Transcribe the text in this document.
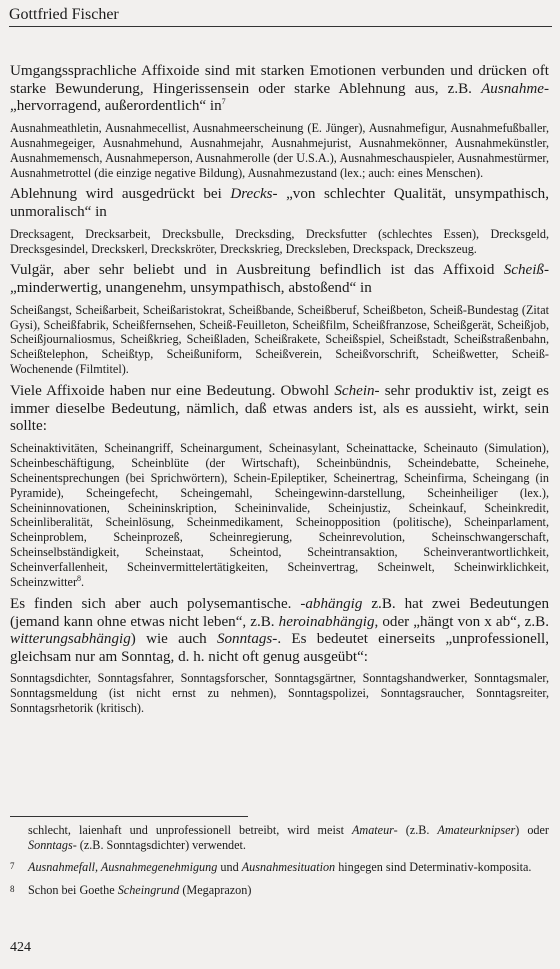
Gottfried Fischer

Umgangssprachliche Affixoide sind mit starken Emotionen verbunden und drücken oft starke Bewunderung, Hingerissensein oder starke Ablehnung aus, z.B. Ausnahme- „hervorragend, außerordentlich“ $in^7$

Ausnahmeathletin, Ausnahmecellist, Ausnahmeerscheinung (E. Jünger), Ausnahmefigur, Ausnahmefußballer, Ausnahmegeiger, Ausnahmehund, Ausnahmejahr, Ausnahmejurist, Ausnahmekönner, Ausnahmekünstler, Ausnahmemensch, Ausnahmeperson, Ausnahmerolle (der U.S.A.), Ausnahmeschauspieler, Ausnahmestürmer, Ausnahmetrottel (die einzige negative Bildung), Ausnahmezustand (lex.; auch: eines Menschen).

Ablehnung wird ausgedrückt bei Drecks- „von schlechter Qualität, unsympathisch, unmoralisch“ in

Drecksagent, Drecksarbeit, Drecksbulle, Drecksding, Drecksfutter (schlechtes Essen), Drecksgeld, Drecksgesindel, Dreckskerl, Dreckskröter, Dreckskrieg, Drecksleben, Dreckspack, Dreckszeug.

Vulgär, aber sehr beliebt und in Ausbreitung befindlich ist das Affixoid Scheiß- „minderwertig, unangenehm, unsympathisch, abstoßend“ in

Scheißangst, Scheißarbeit, Scheißaristokrat, Scheißbande, Scheißberuf, Scheißbeton, Scheiß-Bundestag (Zitat Gysi), Scheißfabrik, Scheißfernsehen, Scheiß-Feuilleton, Scheißfilm, Scheißfranzose, Scheißgerät, Scheißjob, Scheißjournaliosmus, Scheißkrieg, Scheißladen, Scheißrakete, Scheißspiel, Scheißstadt, Scheißstraßenbahn, Scheißtelephon, Scheißtyp, Scheißuniform, Scheißverein, Scheißvorschrift, Scheißwetter, Scheiß-Wochenende (Filmtitel).

Viele Affixoide haben nur eine Bedeutung. Obwohl Schein- sehr produktiv ist, zeigt es immer dieselbe Bedeutung, nämlich, daß etwas anders ist, als es aussieht, wirkt, sein sollte:

Scheinaktivitäten, Scheinangriff, Scheinargument, Scheinasylant, Scheinattacke, Scheinauto (Simulation), Scheinbeschäftigung, Scheinblüte (der Wirtschaft), Scheinbündnis, Scheindebatte, Scheinehe, Scheinentsprechungen (bei Sprichwörtern), Schein-Epileptiker, Scheinertrag, Scheinfirma, Scheingang (in Pyramide), Scheingefecht, Scheingemahl, Scheingewinn-darstellung, Scheinheiliger (lex.), Scheininnovationen, Scheininskription, Scheininvalide, Scheinjustiz, Scheinkauf, Scheinkredit, Scheinliberalität, Scheinlösung, Scheinmedikament, Scheinopposition (politische), Scheinparlament, Scheinproblem, Scheinprozeß, Scheinregierung, Scheinrevolution, Scheinschwangerschaft, Scheinselbständigkeit, Scheinstaat, Scheintod, Scheintransaktion, Scheinverantwortlichkeit, Scheinverfallenheit, Scheinvermittelertätigkeiten, Scheinvertrag, Scheinwelt, Scheinwirklichkeit, Scheinzwitter$^8$.

Es finden sich aber auch polysemantische. -abhängig z.B. hat zwei Bedeutungen (jemand kann ohne etwas nicht leben“, z.B. heroinabhängig, oder „hängt von x ab“, z.B. witterungsabhängig) wie auch Sonntags-. Es bedeutet einerseits „unprofessionell, gleichsam nur am Sonntag, d. h. nicht oft genug ausgeübt“:

Sonntagsdichter, Sonntagsfahrer, Sonntagsforscher, Sonntagsgärtner, Sonntagshandwerker, Sonntagsmaler, Sonntagsmeldung (ist nicht ernst zu nehmen), Sonntagspolizei, Sonntagsraucher, Sonntagsreiter, Sonntagsrhetorik (kritisch).

schlecht, laienhaft und unprofessionell betreibt, wird meist Amateur- (z.B. Amateurknipser) oder Sonntags- (z.B. Sonntagsdichter) verwendet.
7	Ausnahmefall, Ausnahmegenehmigung und Ausnahmesituation hingegen sind Determinativ-komposita.
8	Schon bei Goethe Scheingrund (Megaprazon)
424
